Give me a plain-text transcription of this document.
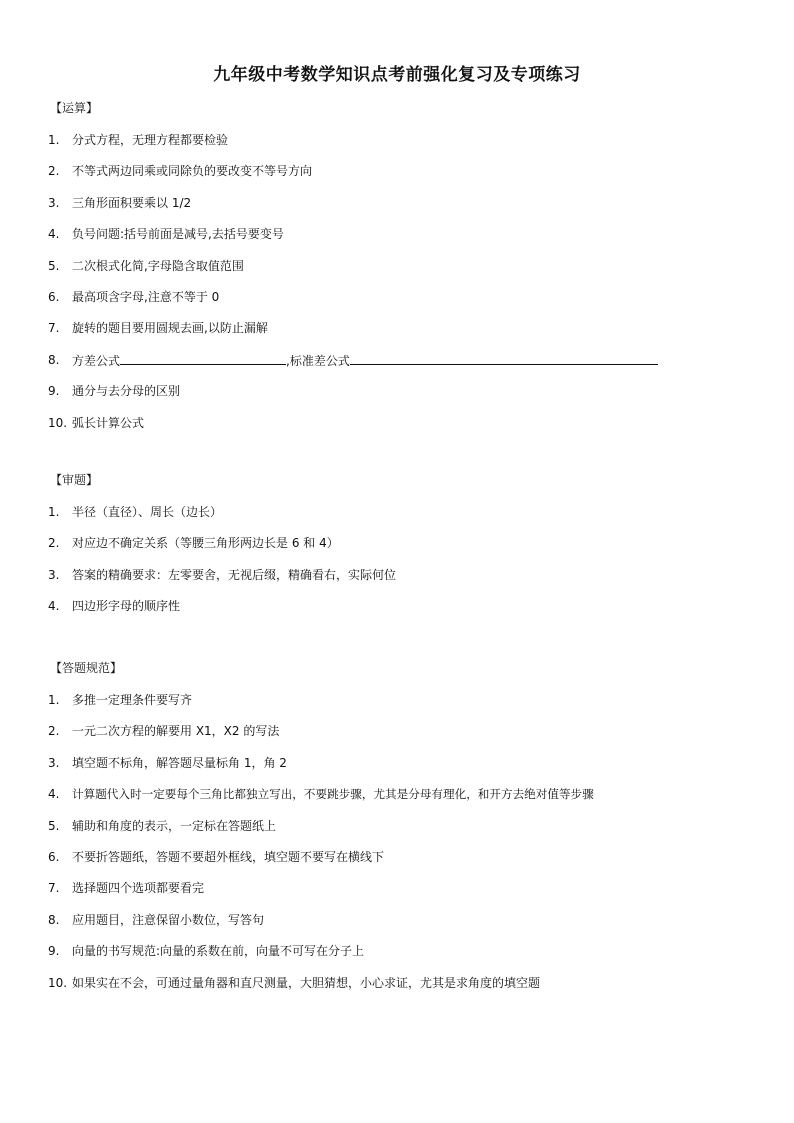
九年级中考数学知识点考前强化复习及专项练习
【运算】
1.	分式方程，无理方程都要检验
2.	不等式两边同乘或同除负的要改变不等号方向
3.	三角形面积要乘以 1/2
4.	负号问题:括号前面是减号,去括号要变号
5.	二次根式化简,字母隐含取值范围
6.	最高项含字母,注意不等于 0
7.	旋转的题目要用圆规去画,以防止漏解
8.	方差公式	,标准差公式
9.	通分与去分母的区别
10. 弧长计算公式
【审题】
1.	半径（直径）、周长（边长）
2.	对应边不确定关系（等腰三角形两边长是 6 和 4）
3.	答案的精确要求：左零要舍，无视后缀，精确看右，实际何位
4.	四边形字母的顺序性
【答题规范】
1.	多推一定理条件要写齐
2.	一元二次方程的解要用 X1，X2 的写法
3.	填空题不标角，解答题尽量标角 1，角 2
4.	计算题代入时一定要每个三角比都独立写出，不要跳步骤，尤其是分母有理化，和开方去绝对值等步骤
5.	辅助和角度的表示，一定标在答题纸上
6.	不要折答题纸，答题不要超外框线，填空题不要写在横线下
7.	选择题四个选项都要看完
8.	应用题目，注意保留小数位，写答句
9.	向量的书写规范:向量的系数在前，向量不可写在分子上
10. 如果实在不会，可通过量角器和直尺测量，大胆猜想，小心求证，尤其是求角度的填空题
